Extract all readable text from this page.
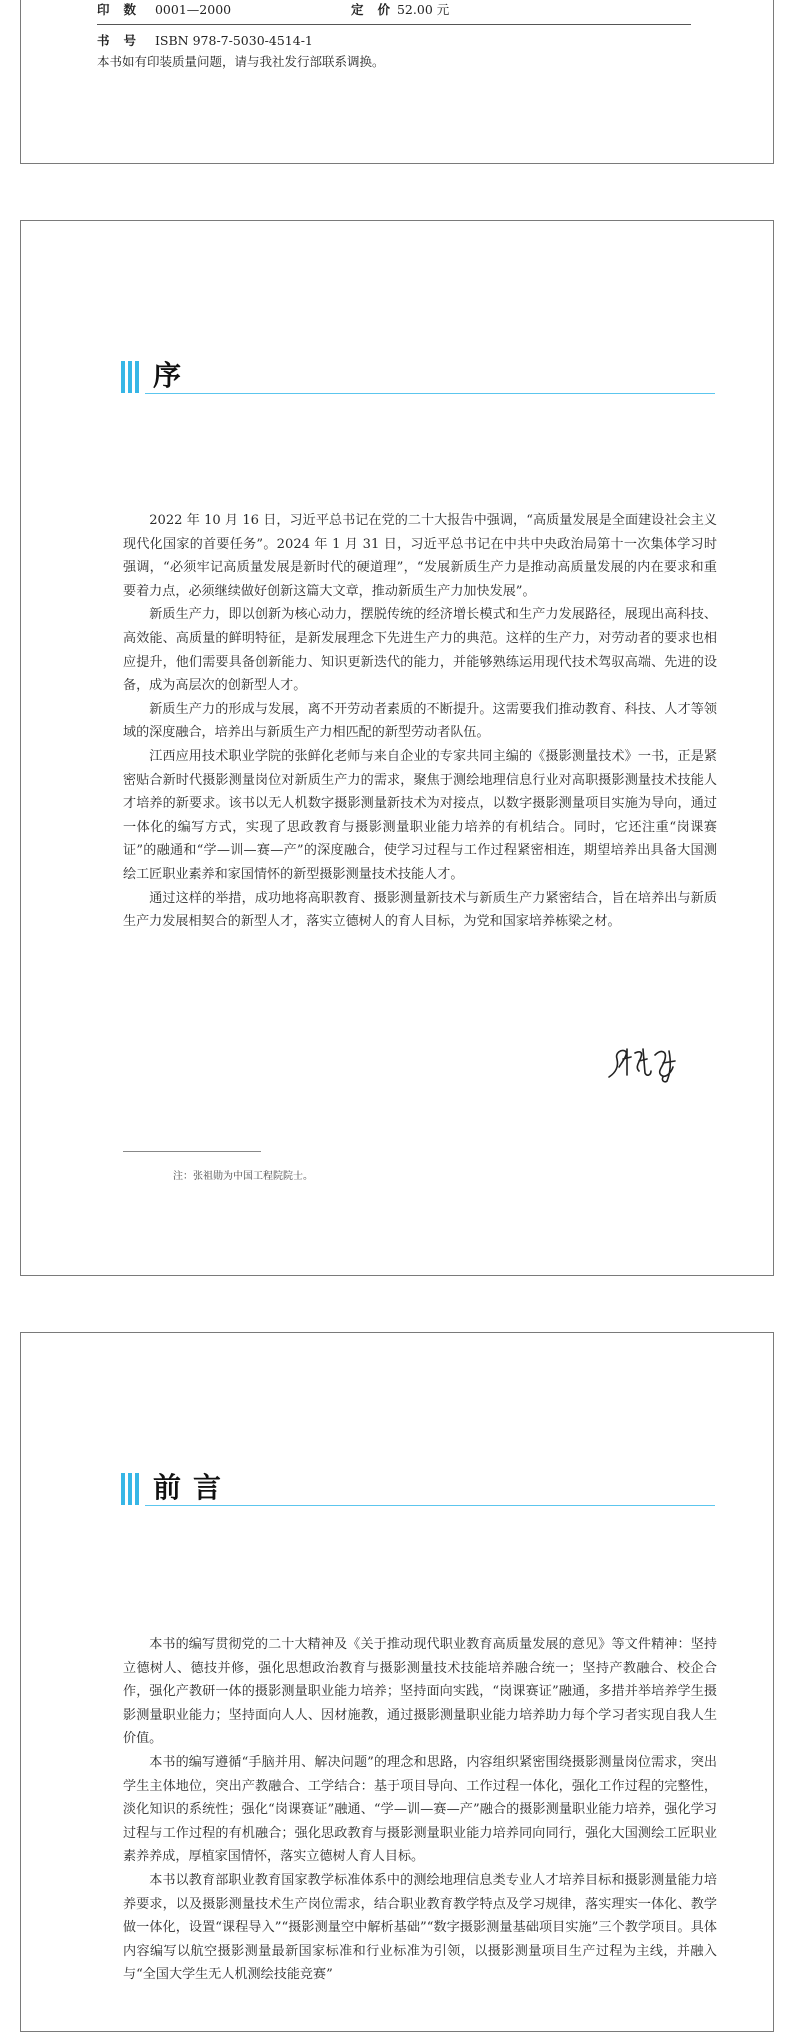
印数 0001—2000	定价 52.00 元
书号 ISBN 978-7-5030-4514-1
本书如有印装质量问题，请与我社发行部联系调换。
序

2022 年 10 月 16 日，习近平总书记在党的二十大报告中强调，“高质量发展是全面建设社会主义现代化国家的首要任务”。2024 年 1 月 31 日，习近平总书记在中共中央政治局第十一次集体学习时强调，“必须牢记高质量发展是新时代的硬道理”，“发展新质生产力是推动高质量发展的内在要求和重要着力点，必须继续做好创新这篇大文章，推动新质生产力加快发展”。

新质生产力，即以创新为核心动力，摆脱传统的经济增长模式和生产力发展路径，展现出高科技、高效能、高质量的鲜明特征，是新发展理念下先进生产力的典范。这样的生产力，对劳动者的要求也相应提升，他们需要具备创新能力、知识更新迭代的能力，并能够熟练运用现代技术驾驭高端、先进的设备，成为高层次的创新型人才。

新质生产力的形成与发展，离不开劳动者素质的不断提升。这需要我们推动教育、科技、人才等领域的深度融合，培养出与新质生产力相匹配的新型劳动者队伍。

江西应用技术职业学院的张鲜化老师与来自企业的专家共同主编的《摄影测量技术》一书，正是紧密贴合新时代摄影测量岗位对新质生产力的需求，聚焦于测绘地理信息行业对高职摄影测量技术技能人才培养的新要求。该书以无人机数字摄影测量新技术为对接点，以数字摄影测量项目实施为导向，通过一体化的编写方式，实现了思政教育与摄影测量职业能力培养的有机结合。同时，它还注重“岗课赛证”的融通和“学—训—赛—产”的深度融合，使学习过程与工作过程紧密相连，期望培养出具备大国测绘工匠职业素养和家国情怀的新型摄影测量技术技能人才。

通过这样的举措，成功地将高职教育、摄影测量新技术与新质生产力紧密结合，旨在培养出与新质生产力发展相契合的新型人才，落实立德树人的育人目标，为党和国家培养栋梁之材。

注：张祖勋为中国工程院院士。
前言

本书的编写贯彻党的二十大精神及《关于推动现代职业教育高质量发展的意见》等文件精神：坚持立德树人、德技并修，强化思想政治教育与摄影测量技术技能培养融合统一；坚持产教融合、校企合作，强化产教研一体的摄影测量职业能力培养；坚持面向实践，“岗课赛证”融通，多措并举培养学生摄影测量职业能力；坚持面向人人、因材施教，通过摄影测量职业能力培养助力每个学习者实现自我人生价值。

本书的编写遵循“手脑并用、解决问题”的理念和思路，内容组织紧密围绕摄影测量岗位需求，突出学生主体地位，突出产教融合、工学结合：基于项目导向、工作过程一体化，强化工作过程的完整性，淡化知识的系统性；强化“岗课赛证”融通、“学—训—赛—产”融合的摄影测量职业能力培养，强化学习过程与工作过程的有机融合；强化思政教育与摄影测量职业能力培养同向同行，强化大国测绘工匠职业素养养成，厚植家国情怀，落实立德树人育人目标。

本书以教育部职业教育国家教学标准体系中的测绘地理信息类专业人才培养目标和摄影测量能力培养要求，以及摄影测量技术生产岗位需求，结合职业教育教学特点及学习规律，落实理实一体化、教学做一体化，设置“课程导入”“摄影测量空中解析基础”“数字摄影测量基础项目实施”三个教学项目。具体内容编写以航空摄影测量最新国家标准和行业标准为引领，以摄影测量项目生产过程为主线，并融入与“全国大学生无人机测绘技能竞赛”
